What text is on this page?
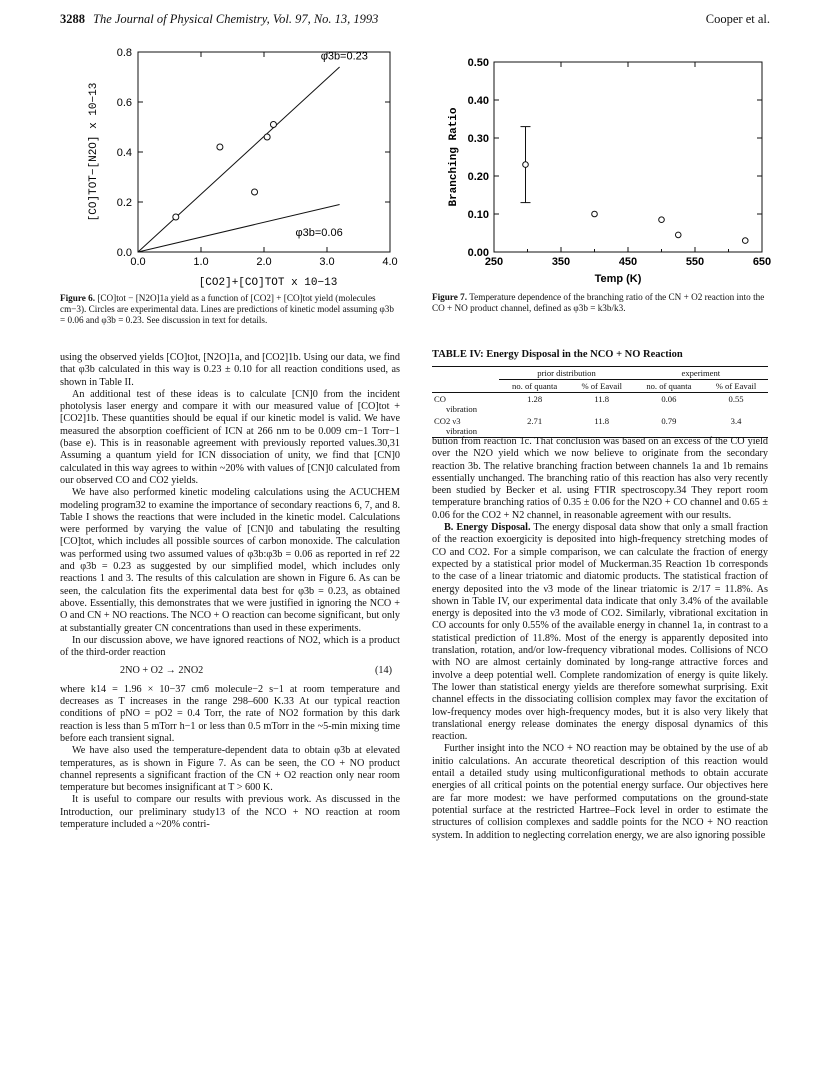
3288 The Journal of Physical Chemistry, Vol. 97, No. 13, 1993	Cooper et al.
[CO]TOT−[N2O] x 10−13
[CO2]+[CO]TOT x 10−13
0.0	1.0	2.0	3.0	4.0
0.0
0.2
0.4
0.6
0.8	φ3b=0.23
φ3b=0.06
Figure 6. [CO]tot − [N2O]1a yield as a function of [CO2] + [CO]tot yield (molecules cm−3). Circles are experimental data. Lines are predictions of kinetic model assuming φ3b = 0.06 and φ3b = 0.23. See discussion in text for details.
Branching Ratio
Temp (K)
250	350	450	550	650
0.00
0.10
0.20
0.30
0.40
0.50
Figure 7. Temperature dependence of the branching ratio of the CN + O2 reaction into the CO + NO product channel, defined as φ3b = k3b/k3.
TABLE IV: Energy Disposal in the NCO + NO Reaction
	prior distribution		experiment	
	no. of quanta	% of Eavail	no. of quanta	% of Eavail
CO
vibration	1.28	11.8	0.06	0.55
CO2 ν3
vibration	2.71	11.8	0.79	3.4

using the observed yields [CO]tot, [N2O]1a, and [CO2]1b. Using our data, we find that φ3b calculated in this way is 0.23 ± 0.10 for all reaction conditions used, as shown in Table II.

An additional test of these ideas is to calculate [CN]0 from the incident photolysis laser energy and compare it with our measured value of [CO]tot + [CO2]1b. These quantities should be equal if our kinetic model is valid. We have measured the absorption coefficient of ICN at 266 nm to be 0.009 cm−1 Torr−1 (base e). This is in reasonable agreement with previously reported values.30,31 Assuming a quantum yield for ICN dissociation of unity, we find that [CN]0 calculated in this way agrees to within ~20% with values of [CN]0 calculated from our observed CO and CO2 yields.

We have also performed kinetic modeling calculations using the ACUCHEM modeling program32 to examine the importance of secondary reactions 6, 7, and 8. Table I shows the reactions that were included in the kinetic model. Calculations were performed by varying the value of [CN]0 and tabulating the resulting [CO]tot, which includes all possible sources of carbon monoxide. The calculation was performed using two assumed values of φ3b:φ3b = 0.06 as reported in ref 22 and φ3b = 0.23 as suggested by our simplified model, which includes only reactions 1 and 3. The results of this calculation are shown in Figure 6. As can be seen, the calculation fits the experimental data best for φ3b = 0.23, as obtained above. Essentially, this demonstrates that we were justified in ignoring the NCO + O and CN + NO reactions. The NCO + O reaction can become significant, but only at substantially greater CN concentrations than used in these experiments.

In our discussion above, we have ignored reactions of NO2, which is a product of the third-order reaction

2NO + O2 → 2NO2	(14)

where k14 = 1.96 × 10−37 cm6 molecule−2 s−1 at room temperature and decreases as T increases in the range 298–600 K.33 At our typical reaction conditions of pNO = pO2 = 0.4 Torr, the rate of NO2 formation by this dark reaction is less than 5 mTorr h−1 or less than 0.5 mTorr in the ~5-min mixing time before each transient signal.

We have also used the temperature-dependent data to obtain φ3b at elevated temperatures, as is shown in Figure 7. As can be seen, the CO + NO product channel represents a significant fraction of the CN + O2 reaction only near room temperature but becomes insignificant at T > 600 K.

It is useful to compare our results with previous work. As discussed in the Introduction, our preliminary study13 of the NCO + NO reaction at room temperature included a ~20% contri-

bution from reaction 1c. That conclusion was based on an excess of the CO yield over the N2O yield which we now believe to originate from the secondary reaction 3b. The relative branching fraction between channels 1a and 1b remains essentially unchanged. The branching ratio of this reaction has also very recently been studied by Becker et al. using FTIR spectroscopy.34 They report room temperature branching ratios of 0.35 ± 0.06 for the N2O + CO channel and 0.65 ± 0.06 for the CO2 + N2 channel, in reasonable agreement with our results.

B. Energy Disposal. The energy disposal data show that only a small fraction of the reaction exoergicity is deposited into high-frequency stretching modes of CO and CO2. For a simple comparison, we can calculate the fraction of energy expected by a statistical prior model of Muckerman.35 Reaction 1b corresponds to the case of a linear triatomic and diatomic products. The statistical fraction of energy deposited into the ν3 mode of the linear triatomic is 2/17 = 11.8%. As shown in Table IV, our experimental data indicate that only 3.4% of the available energy is deposited into the ν3 mode of CO2. Similarly, vibrational excitation in CO accounts for only 0.55% of the available energy in channel 1a, in contrast to a statistical prediction of 11.8%. Most of the energy is apparently deposited into translation, rotation, and/or low-frequency vibrational modes. Collisions of NCO with NO are almost certainly dominated by long-range attractive forces and involve a deep potential well. Complete randomization of energy is quite likely. The lower than statistical energy yields are therefore somewhat surprising. Exit channel effects in the dissociating collision complex may favor the excitation of low-frequency modes over high-frequency modes, but it is also very likely that translational energy release dominates the energy disposal dynamics of this reaction.

Further insight into the NCO + NO reaction may be obtained by the use of ab initio calculations. An accurate theoretical description of this reaction would entail a detailed study using multiconfigurational methods to obtain accurate energies of all critical points on the potential energy surface. Our objectives here are far more modest: we have performed computations on the ground-state potential surface at the restricted Hartree–Fock level in order to estimate the structures of collision complexes and saddle points for the NCO + NO reaction system. In addition to neglecting correlation energy, we are also ignoring possible
